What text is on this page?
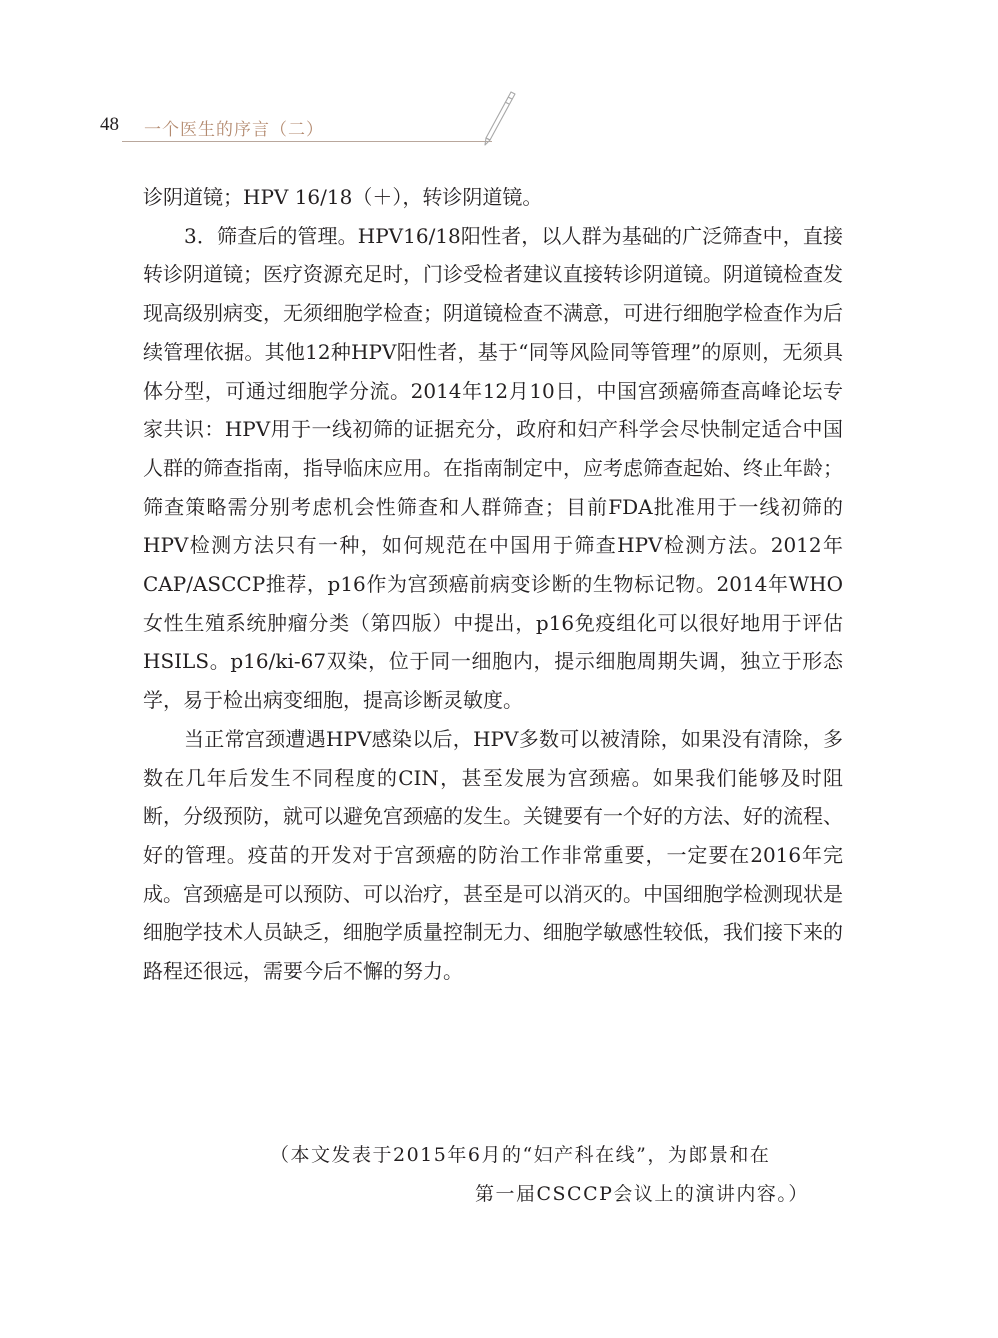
48 一个医生的序言（二）

诊阴道镜；HPV 16/18（＋），转诊阴道镜。

3．筛查后的管理。HPV16/18阳性者，以人群为基础的广泛筛查中，直接转诊阴道镜；医疗资源充足时，门诊受检者建议直接转诊阴道镜。阴道镜检查发现高级别病变，无须细胞学检查；阴道镜检查不满意，可进行细胞学检查作为后续管理依据。其他12种HPV阳性者，基于“同等风险同等管理”的原则，无须具体分型，可通过细胞学分流。2014年12月10日，中国宫颈癌筛查高峰论坛专家共识：HPV用于一线初筛的证据充分，政府和妇产科学会尽快制定适合中国人群的筛查指南，指导临床应用。在指南制定中，应考虑筛查起始、终止年龄；筛查策略需分别考虑机会性筛查和人群筛查；目前FDA批准用于一线初筛的HPV检测方法只有一种，如何规范在中国用于筛查HPV检测方法。2012年CAP/ASCCP推荐，p16作为宫颈癌前病变诊断的生物标记物。2014年WHO女性生殖系统肿瘤分类（第四版）中提出，p16免疫组化可以很好地用于评估HSILS。p16/ki-67双染，位于同一细胞内，提示细胞周期失调，独立于形态学，易于检出病变细胞，提高诊断灵敏度。

当正常宫颈遭遇HPV感染以后，HPV多数可以被清除，如果没有清除，多数在几年后发生不同程度的CIN，甚至发展为宫颈癌。如果我们能够及时阻断，分级预防，就可以避免宫颈癌的发生。关键要有一个好的方法、好的流程、好的管理。疫苗的开发对于宫颈癌的防治工作非常重要，一定要在2016年完成。宫颈癌是可以预防、可以治疗，甚至是可以消灭的。中国细胞学检测现状是细胞学技术人员缺乏，细胞学质量控制无力、细胞学敏感性较低，我们接下来的路程还很远，需要今后不懈的努力。

（本文发表于2015年6月的“妇产科在线”，为郎景和在
第一届CSCCP会议上的演讲内容。）
